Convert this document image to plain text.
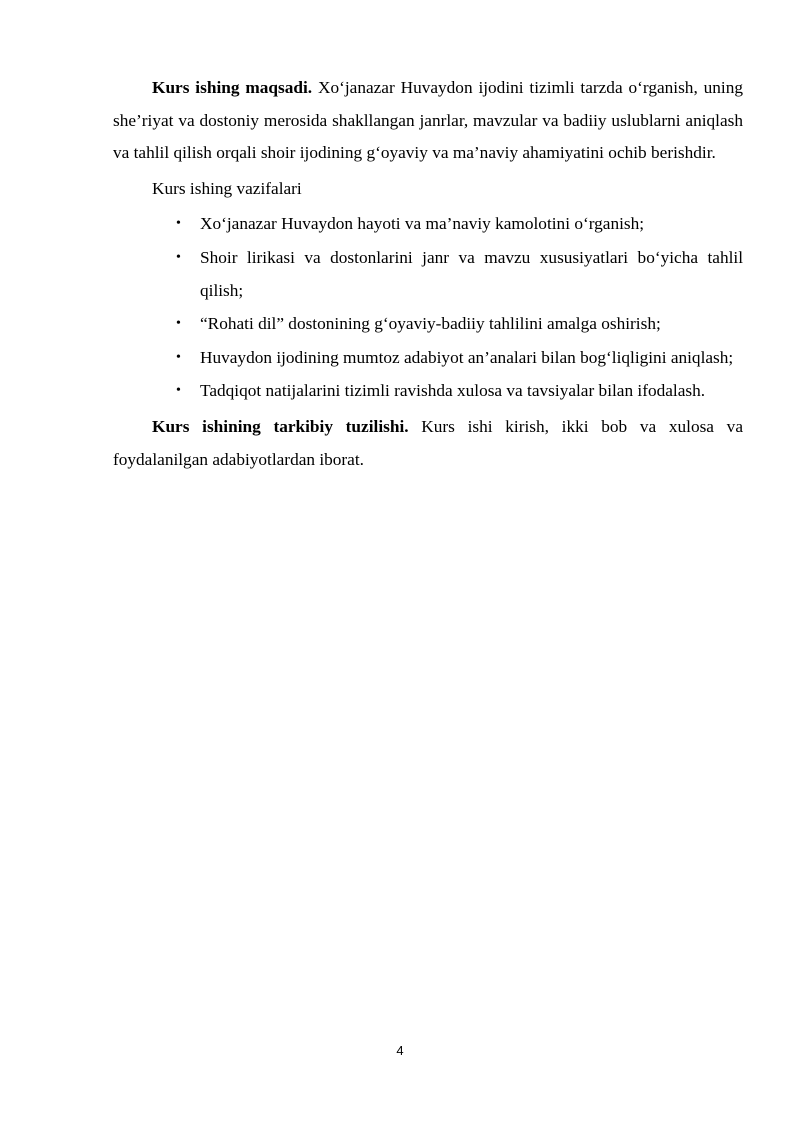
Kurs ishing maqsadi. Xo‘janazar Huvaydon ijodini tizimli tarzda o‘rganish, uning she’riyat va dostoniy merosida shakllangan janrlar, mavzular va badiiy uslublarni aniqlash va tahlil qilish orqali shoir ijodining g‘oyaviy va ma’naviy ahamiyatini ochib berishdir.

Kurs ishing vazifalari

• Xo‘janazar Huvaydon hayoti va ma’naviy kamolotini o‘rganish;
• Shoir lirikasi va dostonlarini janr va mavzu xususiyatlari bo‘yicha tahlil qilish;
• “Rohati dil” dostonining g‘oyaviy-badiiy tahlilini amalga oshirish;
• Huvaydon ijodining mumtoz adabiyot an’analari bilan bog‘liqligini aniqlash;
• Tadqiqot natijalarini tizimli ravishda xulosa va tavsiyalar bilan ifodalash.

Kurs ishining tarkibiy tuzilishi. Kurs ishi kirish, ikki bob va xulosa va foydalanilgan adabiyotlardan iborat.

4
